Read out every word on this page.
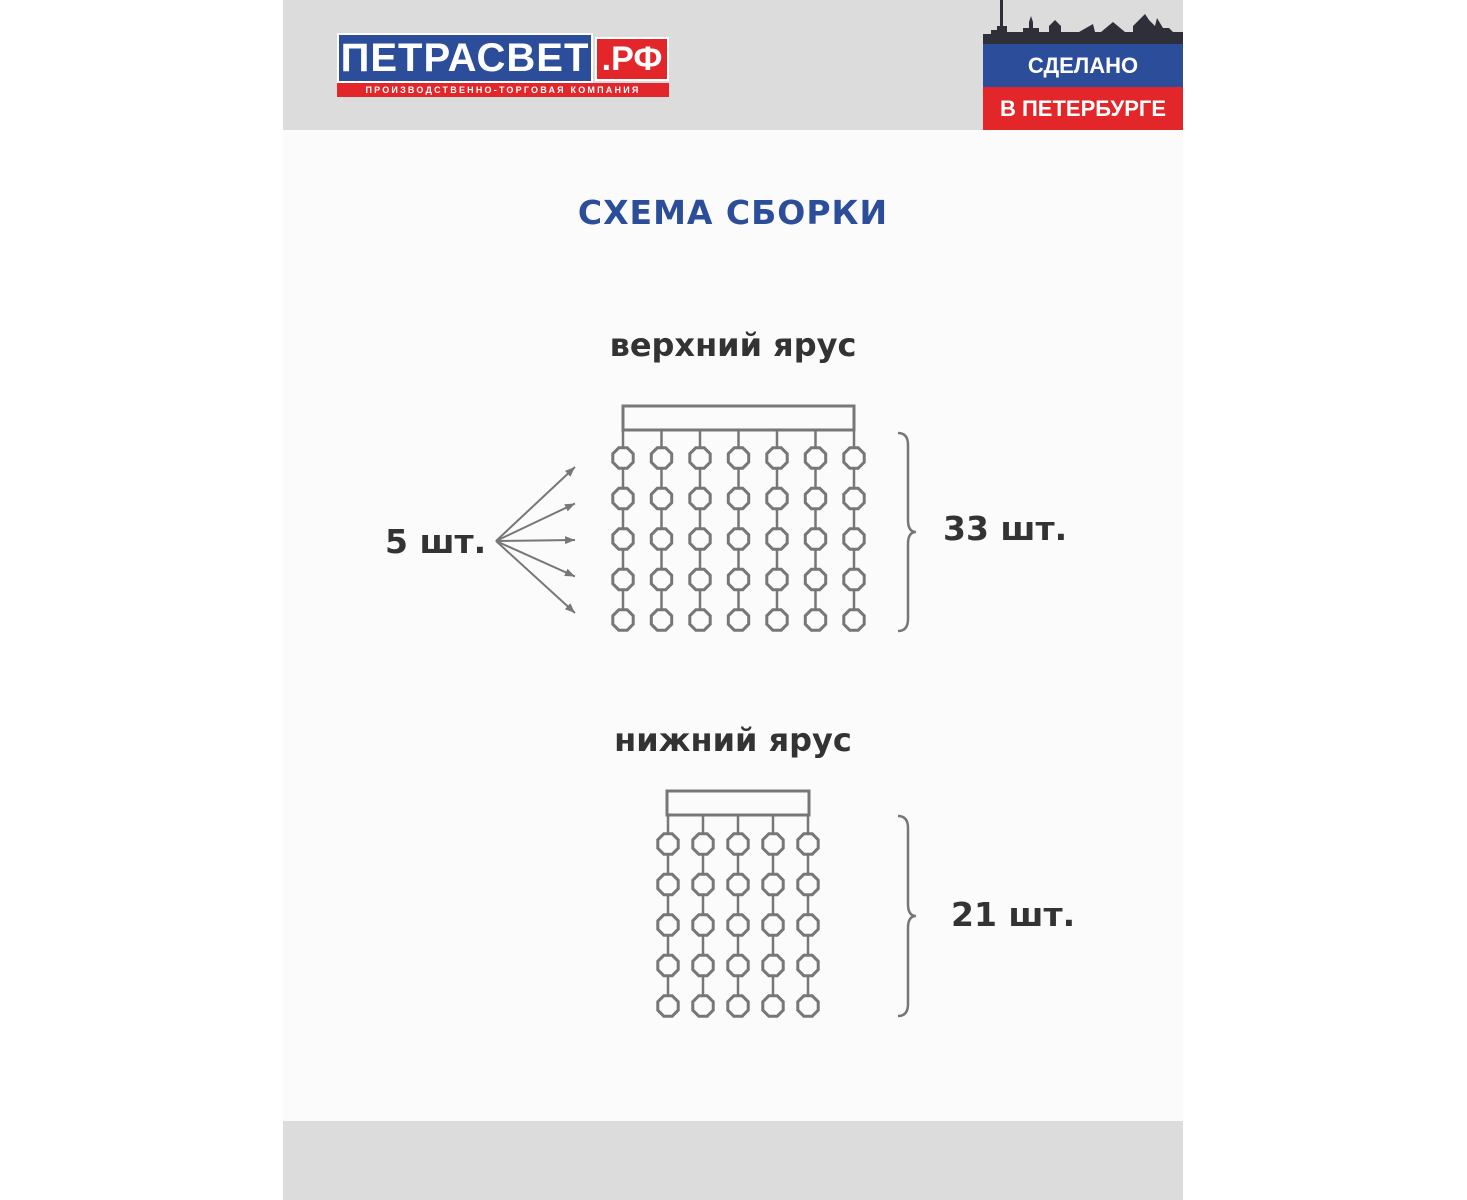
ПЕТРАСВЕТ .РФ
ПРОИЗВОДСТВЕННО-ТОРГОВАЯ КОМПАНИЯ
СДЕЛАНО
В ПЕТЕРБУРГЕ
СХЕМА СБОРКИ
верхний ярус
нижний ярус
33 шт.
5 шт.
21 шт.
